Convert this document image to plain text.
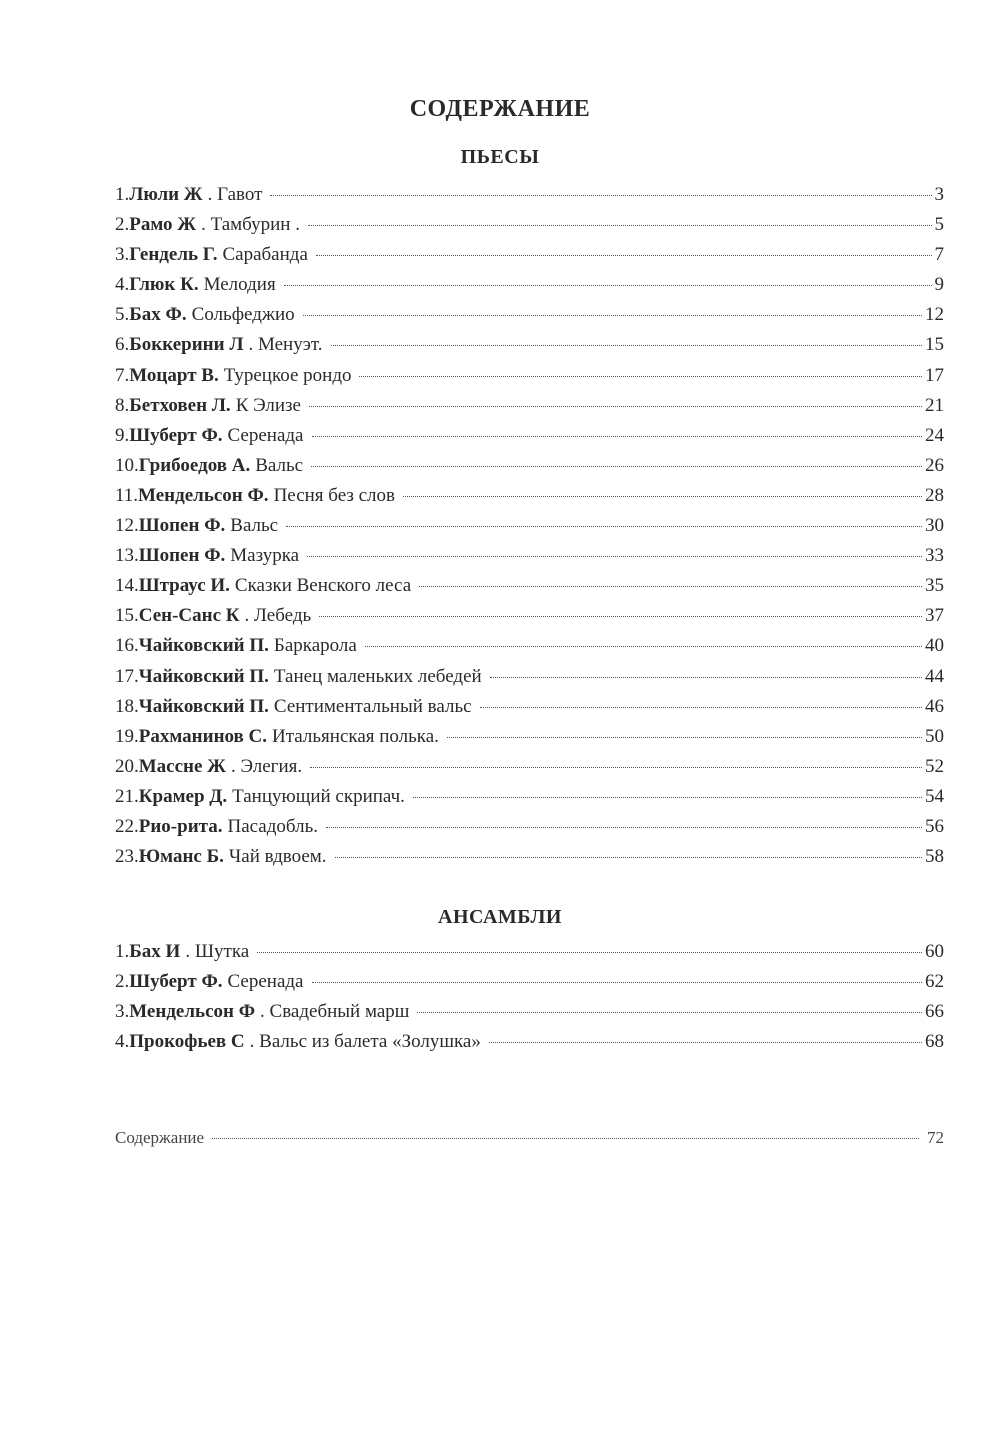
СОДЕРЖАНИЕ
ПЬЕСЫ
1. Люли Ж . Гавот	3
2. Рамо Ж . Тамбурин .	5
3. Гендель Г. Сарабанда	7
4. Глюк К. Мелодия	9
5. Бах Ф. Сольфеджио	12
6. Боккерини Л . Менуэт.	15
7. Моцарт В. Турецкое рондо	17
8. Бетховен Л. К Элизе	21
9. Шуберт Ф. Серенада	24
10. Грибоедов А. Вальс	26
11. Мендельсон Ф. Песня без слов	28
12. Шопен Ф. Вальс	30
13. Шопен Ф. Мазурка	33
14. Штраус И. Сказки Венского леса	35
15. Сен-Санс К . Лебедь	37
16. Чайковский П. Баркарола	40
17. Чайковский П. Танец маленьких лебедей	44
18. Чайковский П. Сентиментальный вальс	46
19. Рахманинов С. Итальянская полька.	50
20. Массне Ж . Элегия.	52
21. Крамер Д. Танцующий скрипач.	54
22. Рио-рита. Пасадобль.	56
23. Юманс Б. Чай вдвоем.	58
АНСАМБЛИ
1. Бах И . Шутка	60
2. Шуберт Ф. Серенада	62
3. Мендельсон Ф . Свадебный марш	66
4. Прокофьев С . Вальс из балета «Золушка»	68
Содержание	72
